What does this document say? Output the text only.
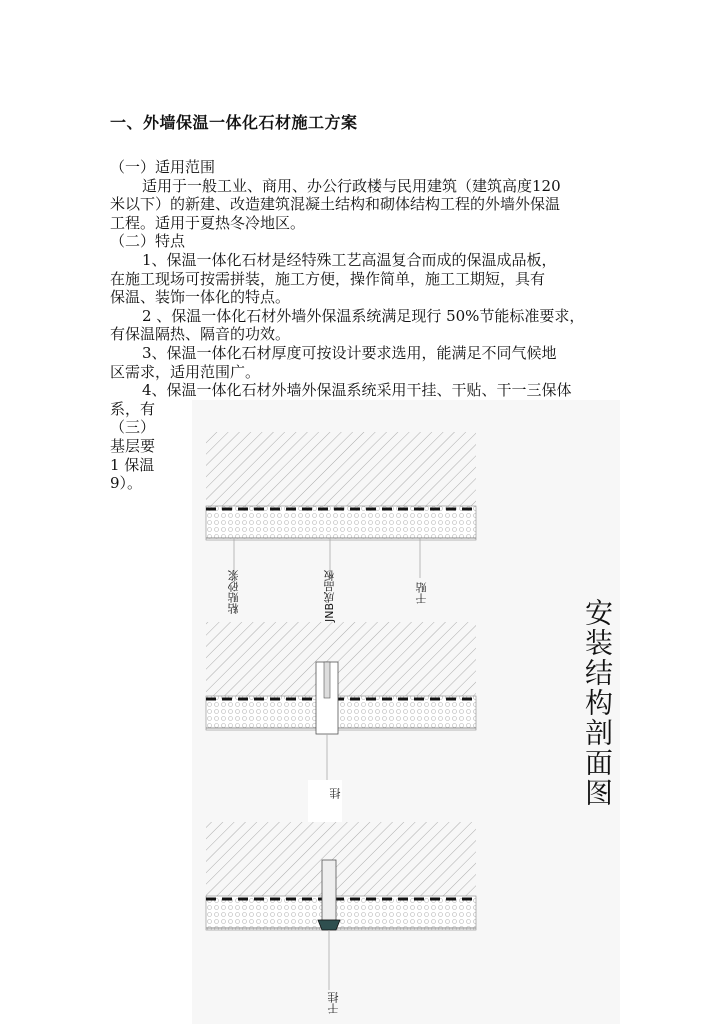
一、外墙保温一体化石材施工方案
（一）适用范围
适用于一般工业、商用、办公行政楼与民用建筑（建筑高度120
米以下）的新建、改造建筑混凝土结构和砌体结构工程的外墙外保温
工程。适用于夏热冬冷地区。
（二）特点
1、保温一体化石材是经特殊工艺高温复合而成的保温成品板，
在施工现场可按需拼装，施工方便，操作简单，施工工期短，具有
保温、装饰一体化的特点。
2 、保温一体化石材外墙外保温系统满足现行 50%节能标准要求，
有保温隔热、隔音的功效。
3、保温一体化石材厚度可按设计要求选用，能满足不同气候地
区需求，适用范围广。
4、保温一体化石材外墙外保温系统采用干挂、干贴、干一三保体
系，有
（三）
基层要
1 保温
9）。
粘贴砂浆	JNB成品板	干贴
挂
干挂
安装结构剖面图
